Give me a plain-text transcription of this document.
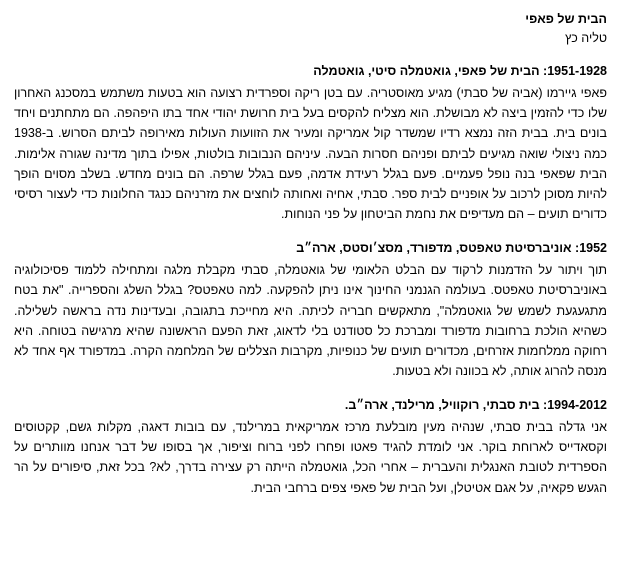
הבית של פאפי
טליה כץ
1951-1928: הבית של פאפי, גואטמלה סיטי, גואטמלה

פאפי גיירמו (אביה של סבתי) מגיע מאוסטריה. עם בטן ריקה וספרדית רצועה הוא בטעות משתמש במסכנג האחרון שלו כדי להזמין ביצה לא מבושלת. הוא מצליח להקסים בעל בית חרושת יהודי אחד בתו היפהפה. הם מתחתנים ויחד בונים בית. בבית הזה נמצא רדיו שמשדר קול אמריקה ומעיר את הזוועות העולות מאירופה לביתם הסרוש. ב-1938 כמה ניצולי שואה מגיעים לביתם ופניהם חסרות הבעה. עיניהם הנבובות בולטות, אפילו בתוך מדינה שגורה אלימות. הבית שפאפי בנה נופל פעמיים. פעם בגלל רעידת אדמה, פעם בגלל שרפה. הם בונים מחדש. בשלב מסוים הופך להיות מסוכן לרכוב על אופניים לבית ספר. סבתי, אחיה ואחותה לוחצים את מזרניהם כנגד החלונות כדי לעצור רסיסי כדורים תועים – הם מעדיפים את נחמת הביטחון על פני הנוחות.

1952: אוניברסיטת טאפטס, מדפורד, מסצ׳וסטס, ארה״ב

תוך ויתור על הזדמנות לרקוד עם הבלט הלאומי של גואטמלה, סבתי מקבלת מלגה ומתחילה ללמוד פסיכולוגיה באוניברסיטת טאפטס. בעולמה הגנמני החינוך אינו ניתן להפקעה. למה טאפטס? בגלל השלג והספרייה. "את בטח מתגעגעת לשמש של גואטמלה", מתאקשים חבריה לכיתה. היא מחייכת בתגובה, ובעדינות נדה בראשה לשלילה. כשהיא הולכת ברחובות מדפורד ומברכת כל סטודנט בלי לדאוג, זאת הפעם הראשונה שהיא מרגישה בטוחה. היא רחוקה ממלחמות אזרחים, מכדורים תועים של כנופיות, מקרבות הצללים של המלחמה הקרה. במדפורד אף אחד לא מנסה להרוג אותה, לא בכוונה ולא בטעות.

1994-2012: בית סבתי, רוקוויל, מרילנד, ארה״ב.

אני גדלה בבית סבתי, שנהיה מעין מובלעת מרכז אמריקאית במרילנד, עם בובות דאגה, מקלות גשם, קקטוסים וקסאדייס לארוחת בוקר. אני לומדת להגיד פאטו ופחרו לפני ברוח וציפור, אך בסופו של דבר אנחנו מוותרים על הספרדית לטובת האנגלית והעברית – אחרי הכל, גואטמלה הייתה רק עצירה בדרך, לא? בכל זאת, סיפורים על הר הגעש פקאיה, על אגם אטיטלן, ועל הבית של פאפי צפים ברחבי הבית.
